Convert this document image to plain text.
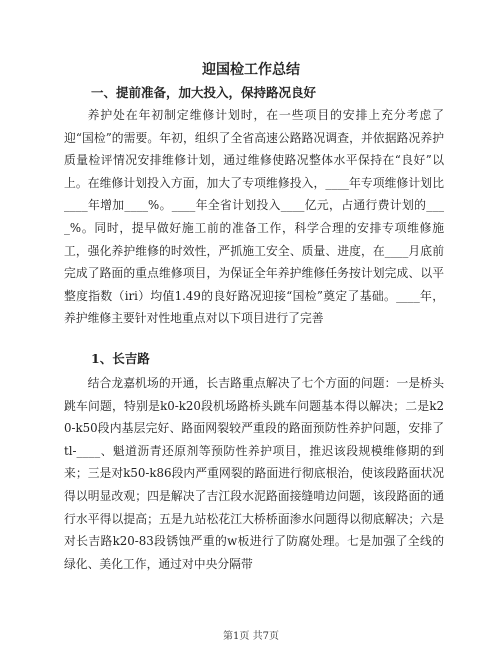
迎国检工作总结
一、提前准备，加大投入，保持路况良好
养护处在年初制定维修计划时，在一些项目的安排上充分考虑了迎“国检”的需要。年初，组织了全省高速公路路况调查，并依据路况养护质量检评情况安排维修计划，通过维修使路况整体水平保持在“良好”以上。在维修计划投入方面，加大了专项维修投入，____年专项维修计划比____年增加____%。____年全省计划投入____亿元，占通行费计划的____%。同时，提早做好施工前的准备工作，科学合理的安排专项维修施工，强化养护维修的时效性，严抓施工安全、质量、进度，在____月底前完成了路面的重点维修项目，为保证全年养护维修任务按计划完成、以平整度指数（iri）均值1.49的良好路况迎接“国检”奠定了基础。____年，养护维修主要针对性地重点对以下项目进行了完善
1、长吉路
结合龙嘉机场的开通，长吉路重点解决了七个方面的问题：一是桥头跳车问题，特别是k0-k20段机场路桥头跳车问题基本得以解决；二是k20-k50段内基层完好、路面网裂较严重段的路面预防性养护问题，安排了tl-____、魁道沥青还原剂等预防性养护项目，推迟该段规模维修期的到来；三是对k50-k86段内严重网裂的路面进行彻底根治，使该段路面状况得以明显改观；四是解决了吉江段水泥路面接缝啃边问题，该段路面的通行水平得以提高；五是九站松花江大桥桥面渗水问题得以彻底解决；六是对长吉路k20-83段锈蚀严重的w板进行了防腐处理。七是加强了全线的绿化、美化工作，通过对中央分隔带
第1页 共7页
